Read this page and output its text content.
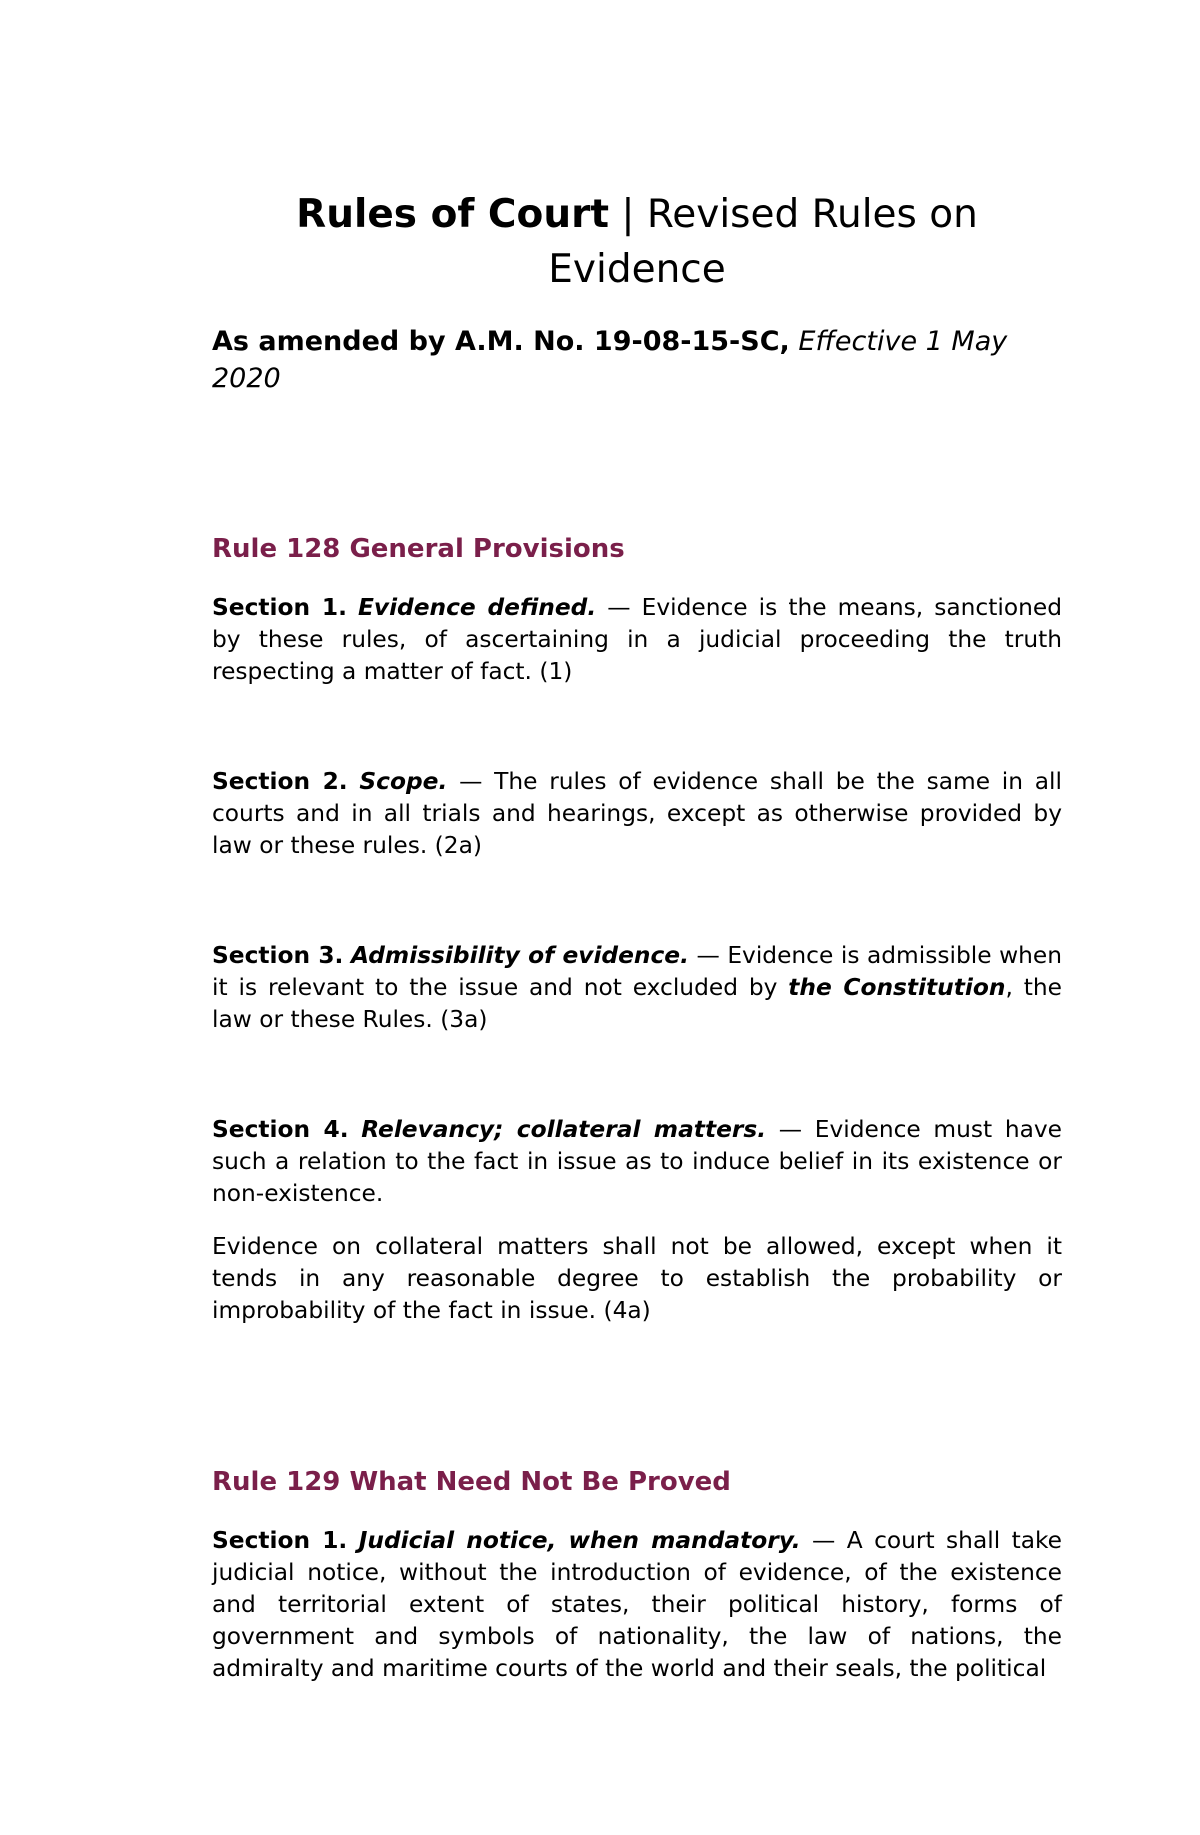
Rules of Court | Revised Rules on Evidence

As amended by A.M. No. 19-08-15-SC, Effective 1 May 2020

Rule 128 General Provisions

Section 1. Evidence defined. — Evidence is the means, sanctioned by these rules, of ascertaining in a judicial proceeding the truth respecting a matter of fact. (1)

Section 2. Scope. — The rules of evidence shall be the same in all courts and in all trials and hearings, except as otherwise provided by law or these rules. (2a)

Section 3. Admissibility of evidence. — Evidence is admissible when it is relevant to the issue and not excluded by the Constitution, the law or these Rules. (3a)

Section 4. Relevancy; collateral matters. — Evidence must have such a relation to the fact in issue as to induce belief in its existence or non-existence.

Evidence on collateral matters shall not be allowed, except when it tends in any reasonable degree to establish the probability or improbability of the fact in issue. (4a)

Rule 129 What Need Not Be Proved

Section 1. Judicial notice, when mandatory. — A court shall take judicial notice, without the introduction of evidence, of the existence and territorial extent of states, their political history, forms of government and symbols of nationality, the law of nations, the admiralty and maritime courts of the world and their seals, the political
